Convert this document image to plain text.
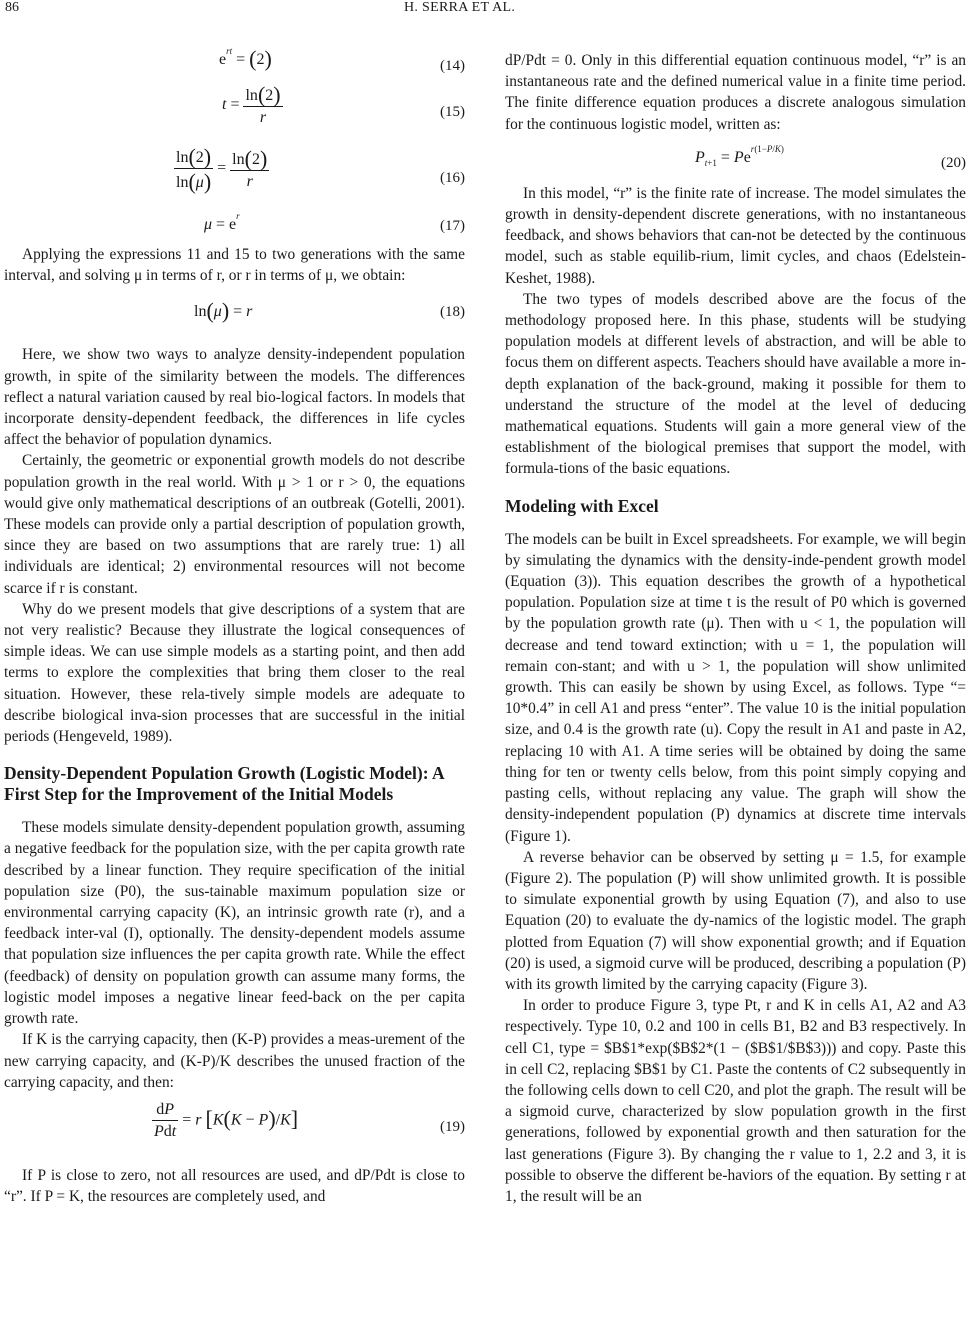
86	H. SERRA ET AL.
$e^{rt} = (2)$	(14)
$t = \frac{\ln(2)}{r}$	(15)
$\frac{\ln(2)}{\ln(\mu)} = \frac{\ln(2)}{r}$	(16)
$\mu = e^r$
(17)

Applying the expressions 11 and 15 to two generations with the same interval, and solving μ in terms of r, or r in terms of μ, we obtain:

ln(μ) = r	(18)

Here, we show two ways to analyze density-independent population growth, in spite of the similarity between the models. The differences reflect a natural variation caused by real bio-logical factors. In models that incorporate density-dependent feedback, the differences in life cycles affect the behavior of population dynamics.

Certainly, the geometric or exponential growth models do not describe population growth in the real world. With μ > 1 or r > 0, the equations would give only mathematical descriptions of an outbreak (Gotelli, 2001). These models can provide only a partial description of population growth, since they are based on two assumptions that are rarely true: 1) all individuals are identical; 2) environmental resources will not become scarce if r is constant.

Why do we present models that give descriptions of a system that are not very realistic? Because they illustrate the logical consequences of simple ideas. We can use simple models as a starting point, and then add terms to explore the complexities that bring them closer to the real situation. However, these rela-tively simple models are adequate to describe biological inva-sion processes that are successful in the initial periods (Hengeveld, 1989).

Density-Dependent Population Growth (Logistic Model): A First Step for the Improvement of the Initial Models

These models simulate density-dependent population growth, assuming a negative feedback for the population size, with the per capita growth rate described by a linear function. They require specification of the initial population size (P0), the sus-tainable maximum population size or environmental carrying capacity (K), an intrinsic growth rate (r), and a feedback inter-val (I), optionally. The density-dependent models assume that population size influences the per capita growth rate. While the effect (feedback) of density on population growth can assume many forms, the logistic model imposes a negative linear feed-back on the per capita growth rate.

If K is the carrying capacity, then (K-P) provides a meas-urement of the new carrying capacity, and (K-P)/K describes the unused fraction of the carrying capacity, and then:

dP
Pdt
= r [K(K − P)/K]	(19)

If P is close to zero, not all resources are used, and dP/Pdt is close to “r”. If P = K, the resources are completely used, and

dP/Pdt = 0. Only in this differential equation continuous model, “r” is an instantaneous rate and the defined numerical value in a finite time period. The finite difference equation produces a discrete analogous simulation for the continuous logistic model, written as:

$P_{t+1} = Pe^{r(1-P/K)}$
(20)

In this model, “r” is the finite rate of increase. The model simulates the growth in density-dependent discrete generations, with no instantaneous feedback, and shows behaviors that can-not be detected by the continuous model, such as stable equilib-rium, limit cycles, and chaos (Edelstein-Keshet, 1988).

The two types of models described above are the focus of the methodology proposed here. In this phase, students will be studying population models at different levels of abstraction, and will be able to focus them on different aspects. Teachers should have available a more in-depth explanation of the back-ground, making it possible for them to understand the structure of the model at the level of deducing mathematical equations. Students will gain a more general view of the establishment of the biological premises that support the model, with formula-tions of the basic equations.

Modeling with Excel

The models can be built in Excel spreadsheets. For example, we will begin by simulating the dynamics with the density-inde-pendent growth model (Equation (3)). This equation describes the growth of a hypothetical population. Population size at time t is the result of P0 which is governed by the population growth rate (μ). Then with u < 1, the population will decrease and tend toward extinction; with u = 1, the population will remain con-stant; and with u > 1, the population will show unlimited growth. This can easily be shown by using Excel, as follows. Type “= 10*0.4” in cell A1 and press “enter”. The value 10 is the initial population size, and 0.4 is the growth rate (u). Copy the result in A1 and paste in A2, replacing 10 with A1. A time series will be obtained by doing the same thing for ten or twenty cells below, from this point simply copying and pasting cells, without replacing any value. The graph will show the density-independent population (P) dynamics at discrete time intervals (Figure 1).

A reverse behavior can be observed by setting μ = 1.5, for example (Figure 2). The population (P) will show unlimited growth. It is possible to simulate exponential growth by using Equation (7), and also to use Equation (20) to evaluate the dy-namics of the logistic model. The graph plotted from Equation (7) will show exponential growth; and if Equation (20) is used, a sigmoid curve will be produced, describing a population (P) with its growth limited by the carrying capacity (Figure 3).

In order to produce Figure 3, type Pt, r and K in cells A1, A2 and A3 respectively. Type 10, 0.2 and 100 in cells B1, B2 and B3 respectively. In cell C1, type = $B$1*exp($B$2*(1 − ($B$1/$B$3))) and copy. Paste this in cell C2, replacing $B$1 by C1. Paste the contents of C2 subsequently in the following cells down to cell C20, and plot the graph. The result will be a sigmoid curve, characterized by slow population growth in the first generations, followed by exponential growth and then saturation for the last generations (Figure 3). By changing the r value to 1, 2.2 and 3, it is possible to observe the different be-haviors of the equation. By setting r at 1, the result will be an
